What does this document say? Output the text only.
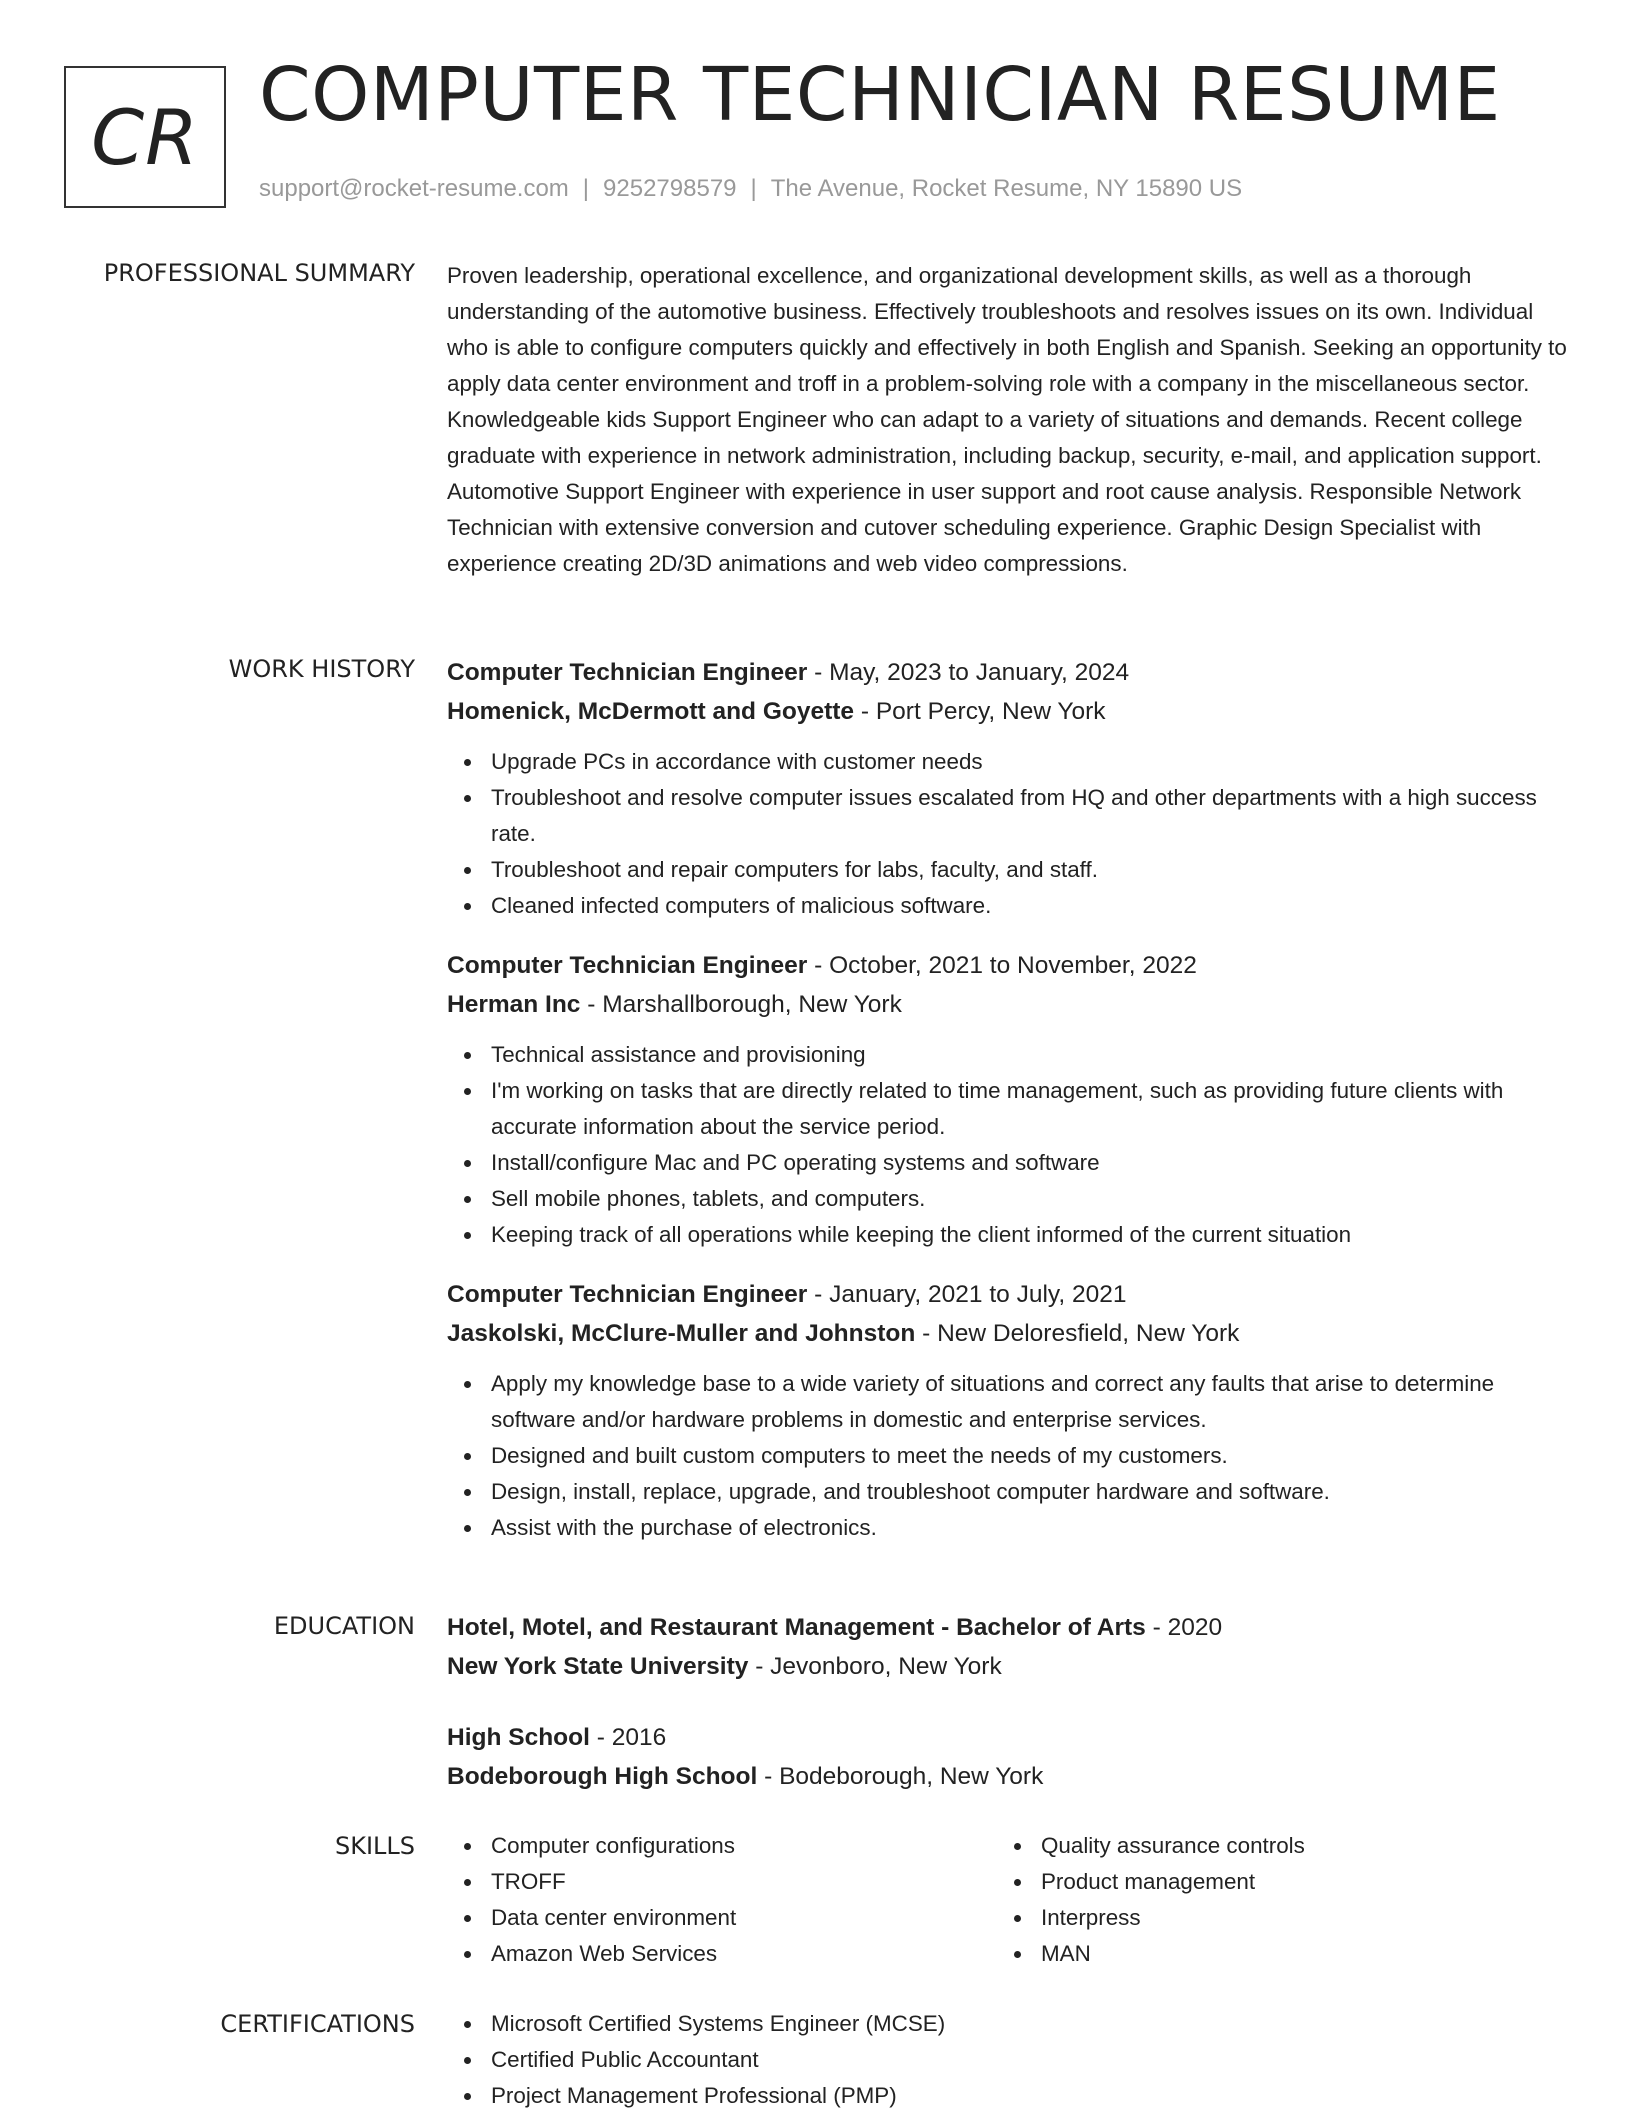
CR COMPUTER TECHNICIAN RESUME
support@rocket-resume.com | 9252798579 | The Avenue, Rocket Resume, NY 15890 US
PROFESSIONAL SUMMARY Proven leadership, operational excellence, and organizational development skills, as well as a thorough understanding of the automotive business. Effectively troubleshoots and resolves issues on its own. Individual who is able to configure computers quickly and effectively in both English and Spanish. Seeking an opportunity to apply data center environment and troff in a problem-solving role with a company in the miscellaneous sector. Knowledgeable kids Support Engineer who can adapt to a variety of situations and demands. Recent college graduate with experience in network administration, including backup, security, e-mail, and application support. Automotive Support Engineer with experience in user support and root cause analysis. Responsible Network Technician with extensive conversion and cutover scheduling experience. Graphic Design Specialist with experience creating 2D/3D animations and web video compressions.

WORK HISTORY Computer Technician Engineer - May, 2023 to January, 2024
Homenick, McDermott and Goyette - Port Percy, New York
Upgrade PCs in accordance with customer needs
Troubleshoot and resolve computer issues escalated from HQ and other departments with a high success rate.
Troubleshoot and repair computers for labs, faculty, and staff.
Cleaned infected computers of malicious software.
Computer Technician Engineer - October, 2021 to November, 2022
Herman Inc - Marshallborough, New York
Technical assistance and provisioning
I'm working on tasks that are directly related to time management, such as providing future clients with accurate information about the service period.
Install/configure Mac and PC operating systems and software
Sell mobile phones, tablets, and computers.
Keeping track of all operations while keeping the client informed of the current situation
Computer Technician Engineer - January, 2021 to July, 2021
Jaskolski, McClure-Muller and Johnston - New Deloresfield, New York
Apply my knowledge base to a wide variety of situations and correct any faults that arise to determine software and/or hardware problems in domestic and enterprise services.
Designed and built custom computers to meet the needs of my customers.
Design, install, replace, upgrade, and troubleshoot computer hardware and software.
Assist with the purchase of electronics.
EDUCATION Hotel, Motel, and Restaurant Management - Bachelor of Arts - 2020
New York State University - Jevonboro, New York
High School - 2016
Bodeborough High School - Bodeborough, New York
SKILLS	Computer configurations
TROFF
Data center environment
Amazon Web Services
Quality assurance controls
Product management
Interpress
MAN
CERTIFICATIONS	Microsoft Certified Systems Engineer (MCSE)
Certified Public Accountant
Project Management Professional (PMP)
